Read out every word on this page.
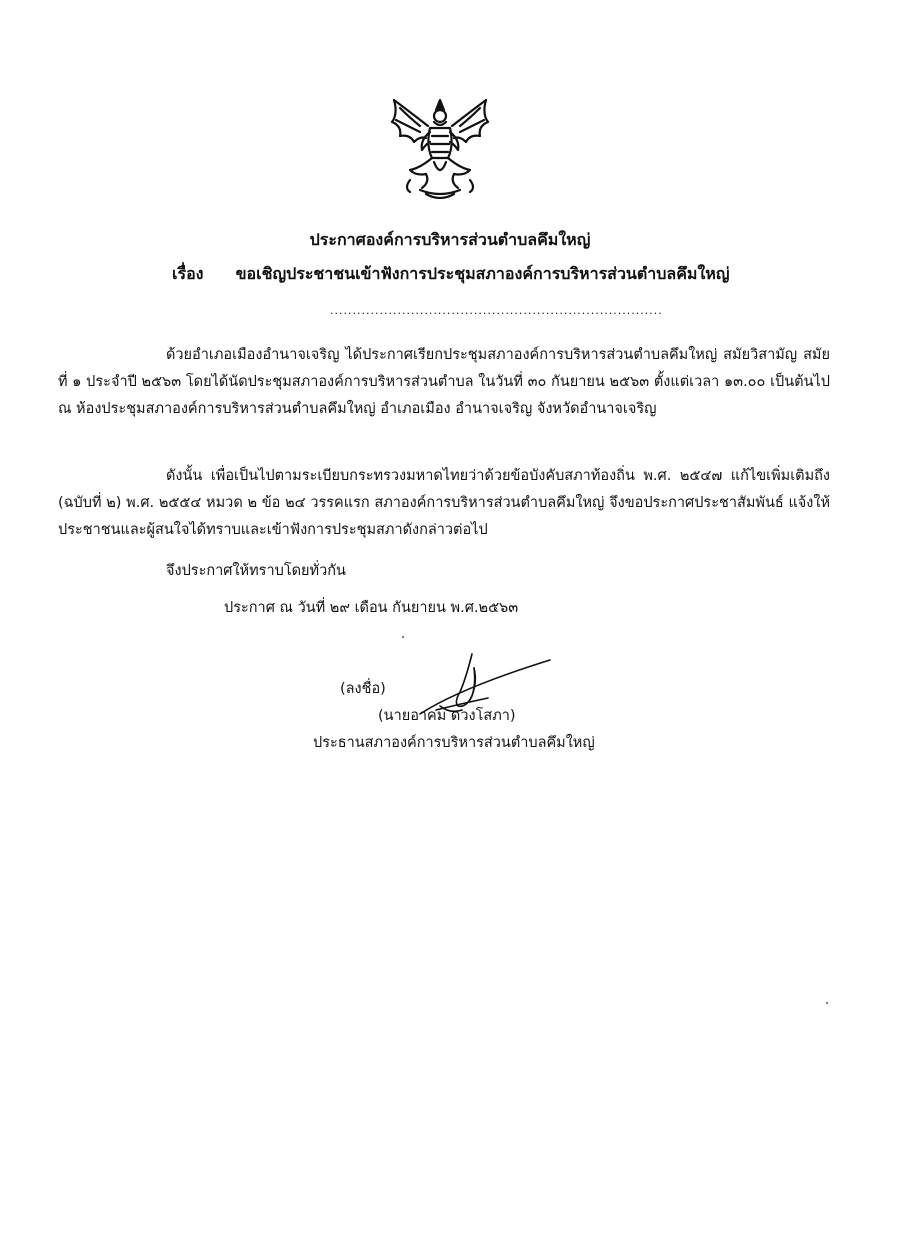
ประกาศองค์การบริหารส่วนตำบลคึมใหญ่
เรื่อง ขอเชิญประชาชนเข้าฟังการประชุมสภาองค์การบริหารส่วนตำบลคึมใหญ่
..........................................................................

ด้วยอำเภอเมืองอำนาจเจริญ ได้ประกาศเรียกประชุมสภาองค์การบริหารส่วนตำบลคึมใหญ่ สมัยวิสามัญ สมัยที่ ๑ ประจำปี ๒๕๖๓ โดยได้นัดประชุมสภาองค์การบริหารส่วนตำบล ในวันที่ ๓๐ กันยายน ๒๕๖๓ ตั้งแต่เวลา ๑๓.๐๐ เป็นต้นไป ณ ห้องประชุมสภาองค์การบริหารส่วนตำบลคึมใหญ่ อำเภอเมือง อำนาจเจริญ จังหวัดอำนาจเจริญ

ดังนั้น เพื่อเป็นไปตามระเบียบกระทรวงมหาดไทยว่าด้วยข้อบังคับสภาท้องถิ่น พ.ศ. ๒๕๔๗ แก้ไขเพิ่มเติมถึง (ฉบับที่ ๒) พ.ศ. ๒๕๕๔ หมวด ๒ ข้อ ๒๔ วรรคแรก สภาองค์การบริหารส่วนตำบลคึมใหญ่ จึงขอประกาศประชาสัมพันธ์ แจ้งให้ประชาชนและผู้สนใจได้ทราบและเข้าฟังการประชุมสภาดังกล่าวต่อไป

จึงประกาศให้ทราบโดยทั่วกัน
ประกาศ ณ วันที่ ๒๙ เดือน กันยายน พ.ศ.๒๕๖๓
(ลงชื่อ)
(นายอาคม ดวงโสภา)
ประธานสภาองค์การบริหารส่วนตำบลคึมใหญ่
